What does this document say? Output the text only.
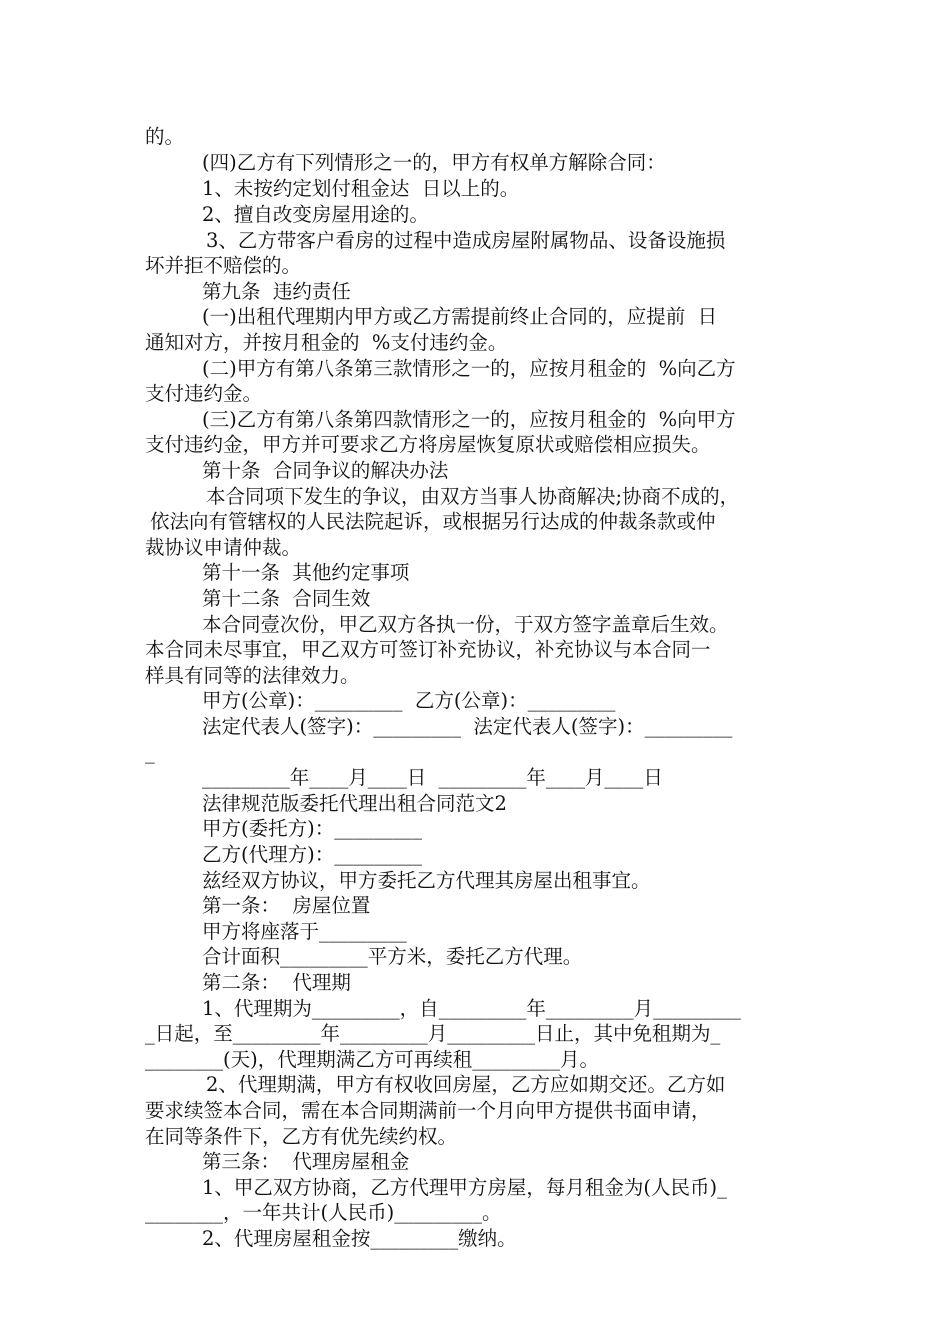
的。

(四)乙方有下列情形之一的，甲方有权单方解除合同：

1、未按约定划付租金达  日以上的。

2、擅自改变房屋用途的。

3、乙方带客户看房的过程中造成房屋附属物品、设备设施损

坏并拒不赔偿的。

第九条  违约责任

(一)出租代理期内甲方或乙方需提前终止合同的，应提前  日

通知对方，并按月租金的  %支付违约金。

(二)甲方有第八条第三款情形之一的，应按月租金的  %向乙方

支付违约金。

(三)乙方有第八条第四款情形之一的，应按月租金的  %向甲方

支付违约金，甲方并可要求乙方将房屋恢复原状或赔偿相应损失。

第十条  合同争议的解决办法

本合同项下发生的争议，由双方当事人协商解决;协商不成的，

依法向有管辖权的人民法院起诉，或根据另行达成的仲裁条款或仲

裁协议申请仲裁。

第十一条  其他约定事项

第十二条  合同生效

本合同壹次份，甲乙双方各执一份，于双方签字盖章后生效。

本合同未尽事宜，甲乙双方可签订补充协议，补充协议与本合同一

样具有同等的法律效力。

甲方(公章)：_________  乙方(公章)：_________

法定代表人(签字)：_________  法定代表人(签字)：_________

_

_________年____月____日  _________年____月____日

法律规范版委托代理出租合同范文2

甲方(委托方)：_________

乙方(代理方)：_________

兹经双方协议，甲方委托乙方代理其房屋出租事宜。

第一条：  房屋位置

甲方将座落于_________

合计面积_________平方米，委托乙方代理。

第二条：  代理期

1、代理期为_________，自_________年_________月_________

_日起，至_________年_________月_________日止，其中免租期为_

________(天)，代理期满乙方可再续租_________月。

2、代理期满，甲方有权收回房屋，乙方应如期交还。乙方如

要求续签本合同，需在本合同期满前一个月向甲方提供书面申请，

在同等条件下，乙方有优先续约权。

第三条：  代理房屋租金

1、甲乙双方协商，乙方代理甲方房屋，每月租金为(人民币)_

________，一年共计(人民币)_________。

2、代理房屋租金按_________缴纳。
